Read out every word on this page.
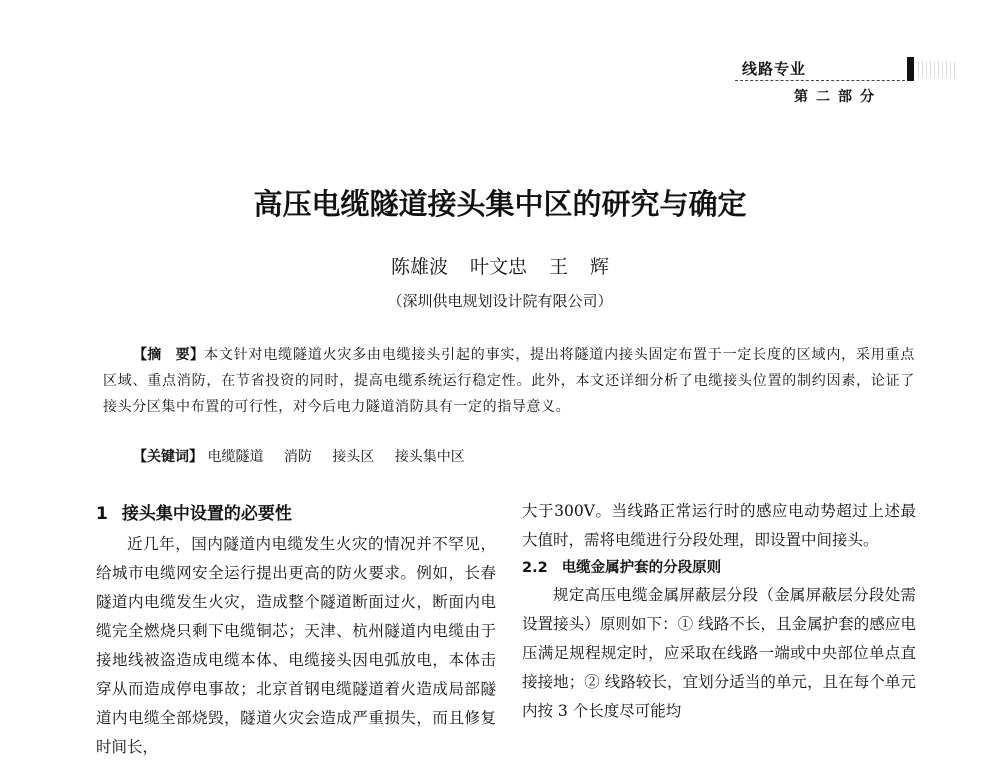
线路专业
第二部分
高压电缆隧道接头集中区的研究与确定
陈雄波 叶文忠 王 辉
（深圳供电规划设计院有限公司）
【摘　要】本文针对电缆隧道火灾多由电缆接头引起的事实，提出将隧道内接头固定布置于一定长度的区域内，采用重点区域、重点消防，在节省投资的同时，提高电缆系统运行稳定性。此外，本文还详细分析了电缆接头位置的制约因素，论证了接头分区集中布置的可行性，对今后电力隧道消防具有一定的指导意义。
【关键词】 电缆隧道 消防 接头区 接头集中区
1 接头集中设置的必要性

近几年，国内隧道内电缆发生火灾的情况并不罕见，给城市电缆网安全运行提出更高的防火要求。例如，长春隧道内电缆发生火灾，造成整个隧道断面过火，断面内电缆完全燃烧只剩下电缆铜芯；天津、杭州隧道内电缆由于接地线被盗造成电缆本体、电缆接头因电弧放电，本体击穿从而造成停电事故；北京首钢电缆隧道着火造成局部隧道内电缆全部烧毁，隧道火灾会造成严重损失，而且修复时间长，

大于300V。当线路正常运行时的感应电动势超过上述最大值时，需将电缆进行分段处理，即设置中间接头。

2.2 电缆金属护套的分段原则

规定高压电缆金属屏蔽层分段（金属屏蔽层分段处需设置接头）原则如下：① 线路不长，且金属护套的感应电压满足规程规定时，应采取在线路一端或中央部位单点直接接地；② 线路较长，宜划分适当的单元，且在每个单元内按 3 个长度尽可能均
